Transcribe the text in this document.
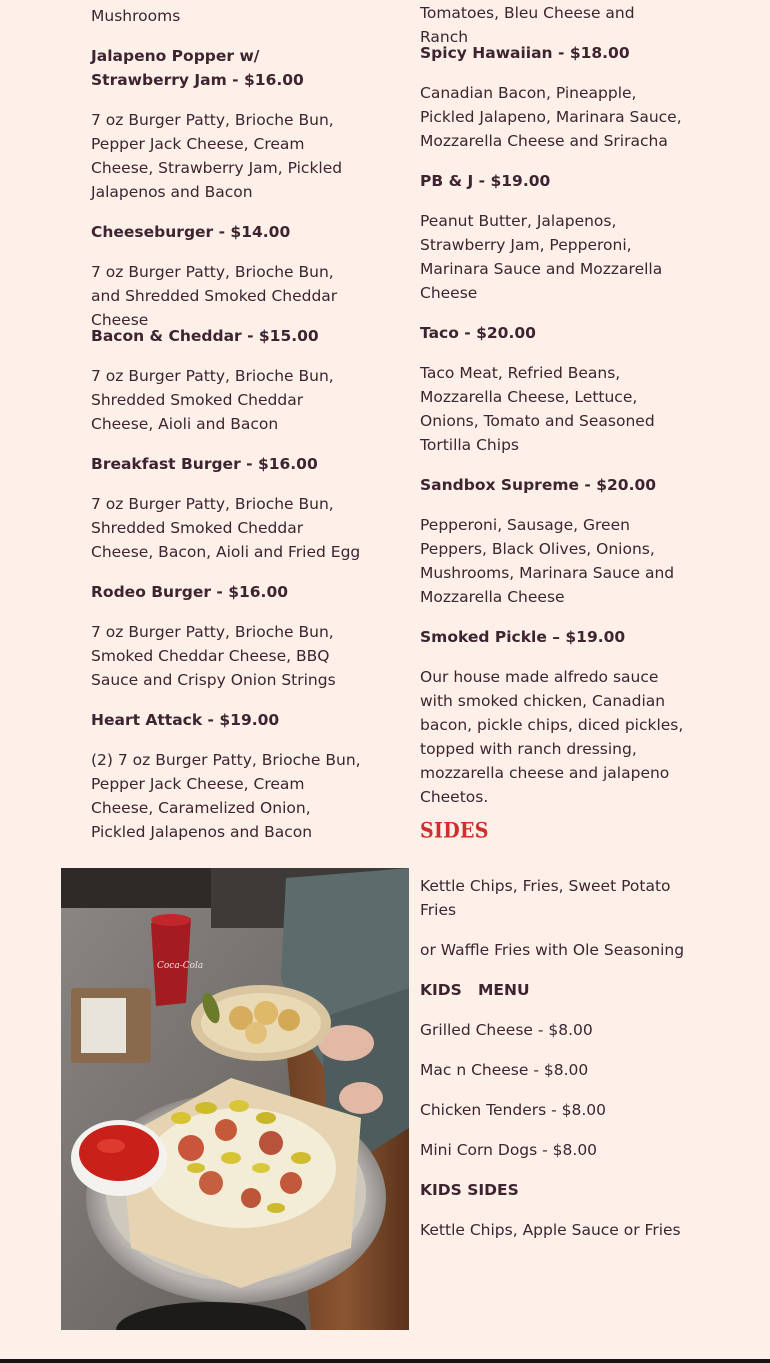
Mushrooms
Jalapeno Popper w/ Strawberry Jam - $16.00
7 oz Burger Patty, Brioche Bun, Pepper Jack Cheese, Cream Cheese, Strawberry Jam, Pickled Jalapenos and Bacon
Cheeseburger - $14.00
7 oz Burger Patty, Brioche Bun, and Shredded Smoked Cheddar Cheese
Bacon & Cheddar - $15.00
7 oz Burger Patty, Brioche Bun, Shredded Smoked Cheddar Cheese, Aioli and Bacon
Breakfast Burger - $16.00
7 oz Burger Patty, Brioche Bun, Shredded Smoked Cheddar Cheese, Bacon, Aioli and Fried Egg
Rodeo Burger - $16.00
7 oz Burger Patty, Brioche Bun, Smoked Cheddar Cheese, BBQ Sauce and Crispy Onion Strings
Heart Attack - $19.00
(2) 7 oz Burger Patty, Brioche Bun, Pepper Jack Cheese, Cream Cheese, Caramelized Onion, Pickled Jalapenos and Bacon
Tomatoes, Bleu Cheese and Ranch
Spicy Hawaiian - $18.00
Canadian Bacon, Pineapple, Pickled Jalapeno, Marinara Sauce, Mozzarella Cheese and Sriracha
PB & J - $19.00
Peanut Butter, Jalapenos, Strawberry Jam, Pepperoni, Marinara Sauce and Mozzarella Cheese
Taco - $20.00
Taco Meat, Refried Beans, Mozzarella Cheese, Lettuce, Onions, Tomato and Seasoned Tortilla Chips
Sandbox Supreme - $20.00
Pepperoni, Sausage, Green Peppers, Black Olives, Onions, Mushrooms, Marinara Sauce and Mozzarella Cheese
Smoked Pickle – $19.00
Our house made alfredo sauce with smoked chicken, Canadian bacon, pickle chips, diced pickles, topped with ranch dressing, mozzarella cheese and jalapeno Cheetos.
SIDES
Kettle Chips, Fries, Sweet Potato Fries
or Waffle Fries with Ole Seasoning
KIDS   MENU
Grilled Cheese - $8.00
Mac n Cheese - $8.00
Chicken Tenders - $8.00
Mini Corn Dogs - $8.00
KIDS SIDES
Kettle Chips, Apple Sauce or Fries
Coca-Cola
